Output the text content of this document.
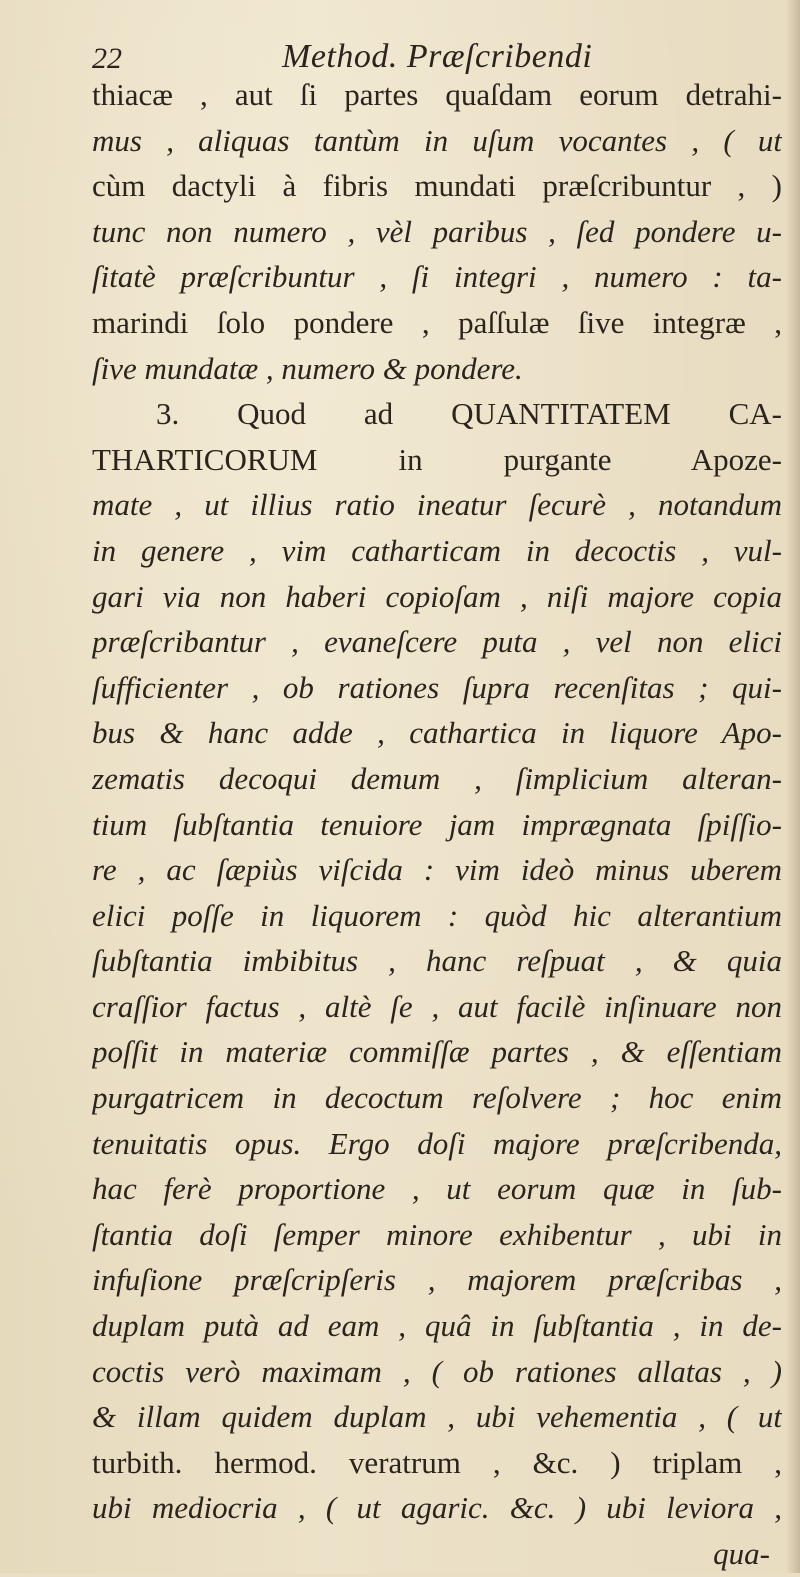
22	Method. Præſcribendi
thiacæ , aut ſi partes quaſdam eorum detrahi-
mus , aliquas tantùm in uſum vocantes , ( ut
cùm dactyli à fibris mundati præſcribuntur , )
tunc non numero , vèl paribus , ſed pondere u-
ſitatè præſcribuntur , ſi integri , numero : ta-
marindi ſolo pondere , paſſulæ ſive integræ ,
ſive mundatæ , numero & pondere.
3. Quod ad QUANTITATEM CA-
THARTICORUM in purgante Apoze-
mate , ut illius ratio ineatur ſecurè , notandum
in genere , vim catharticam in decoctis , vul-
gari via non haberi copioſam , niſi majore copia
præſcribantur , evaneſcere puta , vel non elici
ſufficienter , ob rationes ſupra recenſitas ; qui-
bus & hanc adde , cathartica in liquore Apo-
zematis decoqui demum , ſimplicium alteran-
tium ſubſtantia tenuiore jam imprægnata ſpiſſio-
re , ac ſæpiùs viſcida : vim ideò minus uberem
elici poſſe in liquorem : quòd hic alterantium
ſubſtantia imbibitus , hanc reſpuat , & quia
craſſior factus , altè ſe , aut facilè inſinuare non
poſſit in materiæ commiſſæ partes , & eſſentiam
purgatricem in decoctum reſolvere ; hoc enim
tenuitatis opus. Ergo doſi majore præſcribenda,
hac ferè proportione , ut eorum quæ in ſub-
ſtantia doſi ſemper minore exhibentur , ubi in
infuſione præſcripſeris , majorem præſcribas ,
duplam putà ad eam , quâ in ſubſtantia , in de-
coctis verò maximam , ( ob rationes allatas , )
& illam quidem duplam , ubi vehementia , ( ut
turbith. hermod. veratrum , &c. ) triplam ,
ubi mediocria , ( ut agaric. &c. ) ubi leviora ,
qua-
